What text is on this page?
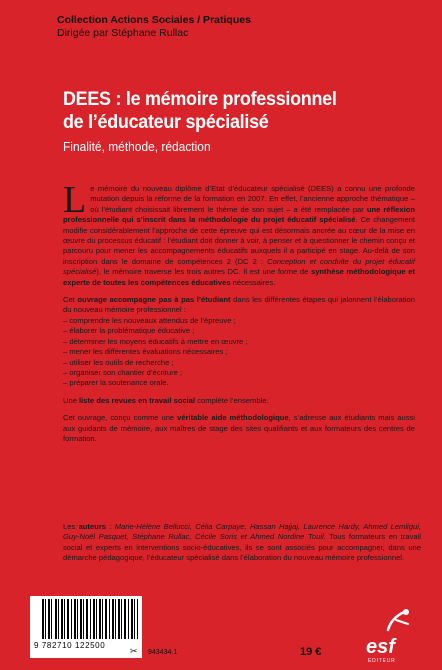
Collection Actions Sociales / Pratiques
Dirigée par Stéphane Rullac
DEES : le mémoire professionnel
de l’éducateur spécialisé
Finalité, méthode, rédaction

Le mémoire du nouveau diplôme d’Etat d’éducateur spécialisé (DEES) a connu une profonde mutation depuis la réforme de la formation en 2007. En effet, l’ancienne approche thématique – où l’étudiant choisissait librement le thème de son sujet – a été remplacée par une réflexion professionnelle qui s’inscrit dans la méthodologie du projet éducatif spécialisé. Ce changement modifie considérablement l’approche de cette épreuve qui est désormais ancrée au cœur de la mise en œuvre du processus éducatif : l’étudiant doit donner à voir, à penser et à questionner le chemin conçu et parcouru pour mener les accompagnements éducatifs auxquels il a participé en stage. Au-delà de son inscription dans le domaine de compétences 2 (DC 2 : Conception et conduite du projet éducatif spécialisé), le mémoire traverse les trois autres DC. Il est une forme de synthèse méthodologique et experte de toutes les compétences éducatives nécessaires.

Cet ouvrage accompagne pas à pas l’étudiant dans les différentes étapes qui jalonnent l’élaboration du nouveau mémoire professionnel :

– comprendre les nouveaux attendus de l’épreuve ;
– élaborer la problématique éducative ;
– déterminer les moyens éducatifs à mettre en œuvre ;
– mener les différentes évaluations nécessaires ;
– utiliser les outils de recherche ;
– organiser son chantier d’écriture ;
– préparer la soutenance orale.

Une liste des revues en travail social complète l’ensemble.

Cet ouvrage, conçu comme une véritable aide méthodologique, s’adresse aux étudiants mais aussi aux guidants de mémoire, aux maîtres de stage des sites qualifiants et aux formateurs des centres de formation.

Les auteurs : Marie-Hélène Bellucci, Célia Carpaye, Hassan Hajjaj, Laurence Hardy, Ahmed Lemligui, Guy-Noël Pasquet, Stéphane Rullac, Cécile Soris et Ahmed Nordine Touil. Tous formateurs en travail social et experts en interventions socio-éducatives, ils se sont associés pour accompagner, dans une démarche pédagogique, l’éducateur spécialisé dans l’élaboration du nouveau mémoire professionnel.
9 782710 122500
✂ 943434.1	19 € esf
EDITEUR
